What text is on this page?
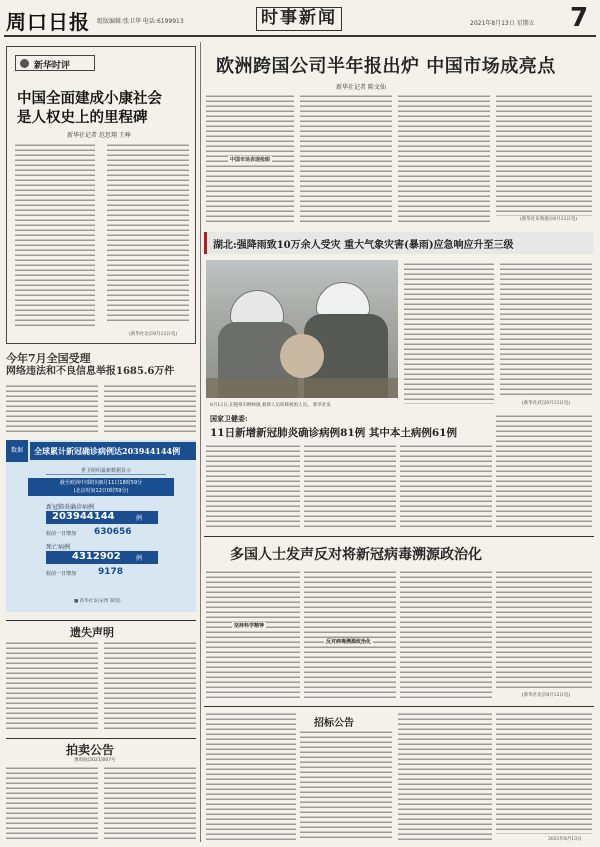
周口日报 组版编辑:张卫华 电话:6199913	时事新闻	2021年8月13日 星期五 7
新华时评
中国全面建成小康社会
是人权史上的里程碑
新华社记者 范思翔 王峥
(新华社北京8月12日电)
今年7月全国受理
网络违法和不良信息举报1685.6万件
数据	全球累计新冠确诊病例达203944144例
世卫组织最新数据显示
截至欧洲中部时间8月11日18时59分
(北京时间12日0时59分)
新冠肺炎确诊病例
203944144	例
较前一日增加 630656
死亡病例
4312902	例
较前一日增加 9178
■ 新华社发(宋博 制图)
遗失声明
拍卖公告
豫周拍[2021]007号
欧洲跨国公司半年报出炉 中国市场成亮点
新华社记者 陈文仙
中国市场表现抢眼
(新华社布鲁塞尔8月12日电)
湖北:强降雨致10万余人受灾 重大气象灾害(暴雨)应急响应升至三级
8月12日,在随州市柳林镇,救援人员转移被困人员。 新华社发	(新华社武汉8月12日电)
国家卫健委:
11日新增新冠肺炎确诊病例81例 其中本土病例61例
多国人士发声反对将新冠病毒溯源政治化
坚持科学精神
反对病毒溯源政治化
(新华社北京8月12日电)
招标公告
2021年8月13日
